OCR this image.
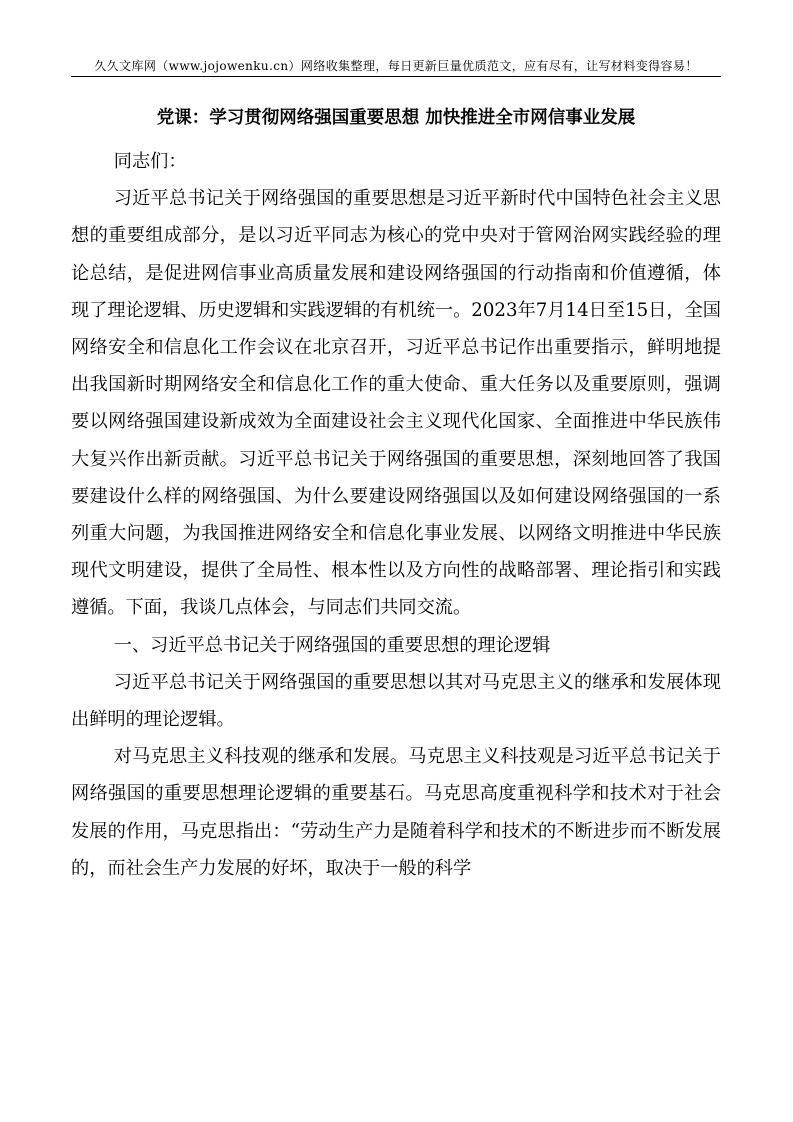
久久文库网（www.jojowenku.cn）网络收集整理，每日更新巨量优质范文，应有尽有，让写材料变得容易！
党课：学习贯彻网络强国重要思想 加快推进全市网信事业发展

同志们：

习近平总书记关于网络强国的重要思想是习近平新时代中国特色社会主义思想的重要组成部分，是以习近平同志为核心的党中央对于管网治网实践经验的理论总结，是促进网信事业高质量发展和建设网络强国的行动指南和价值遵循，体现了理论逻辑、历史逻辑和实践逻辑的有机统一。2023年7月14日至15日，全国网络安全和信息化工作会议在北京召开，习近平总书记作出重要指示，鲜明地提出我国新时期网络安全和信息化工作的重大使命、重大任务以及重要原则，强调要以网络强国建设新成效为全面建设社会主义现代化国家、全面推进中华民族伟大复兴作出新贡献。习近平总书记关于网络强国的重要思想，深刻地回答了我国要建设什么样的网络强国、为什么要建设网络强国以及如何建设网络强国的一系列重大问题，为我国推进网络安全和信息化事业发展、以网络文明推进中华民族现代文明建设，提供了全局性、根本性以及方向性的战略部署、理论指引和实践遵循。下面，我谈几点体会，与同志们共同交流。

一、习近平总书记关于网络强国的重要思想的理论逻辑

习近平总书记关于网络强国的重要思想以其对马克思主义的继承和发展体现出鲜明的理论逻辑。

对马克思主义科技观的继承和发展。马克思主义科技观是习近平总书记关于网络强国的重要思想理论逻辑的重要基石。马克思高度重视科学和技术对于社会发展的作用，马克思指出：“劳动生产力是随着科学和技术的不断进步而不断发展的，而社会生产力发展的好坏，取决于一般的科学
